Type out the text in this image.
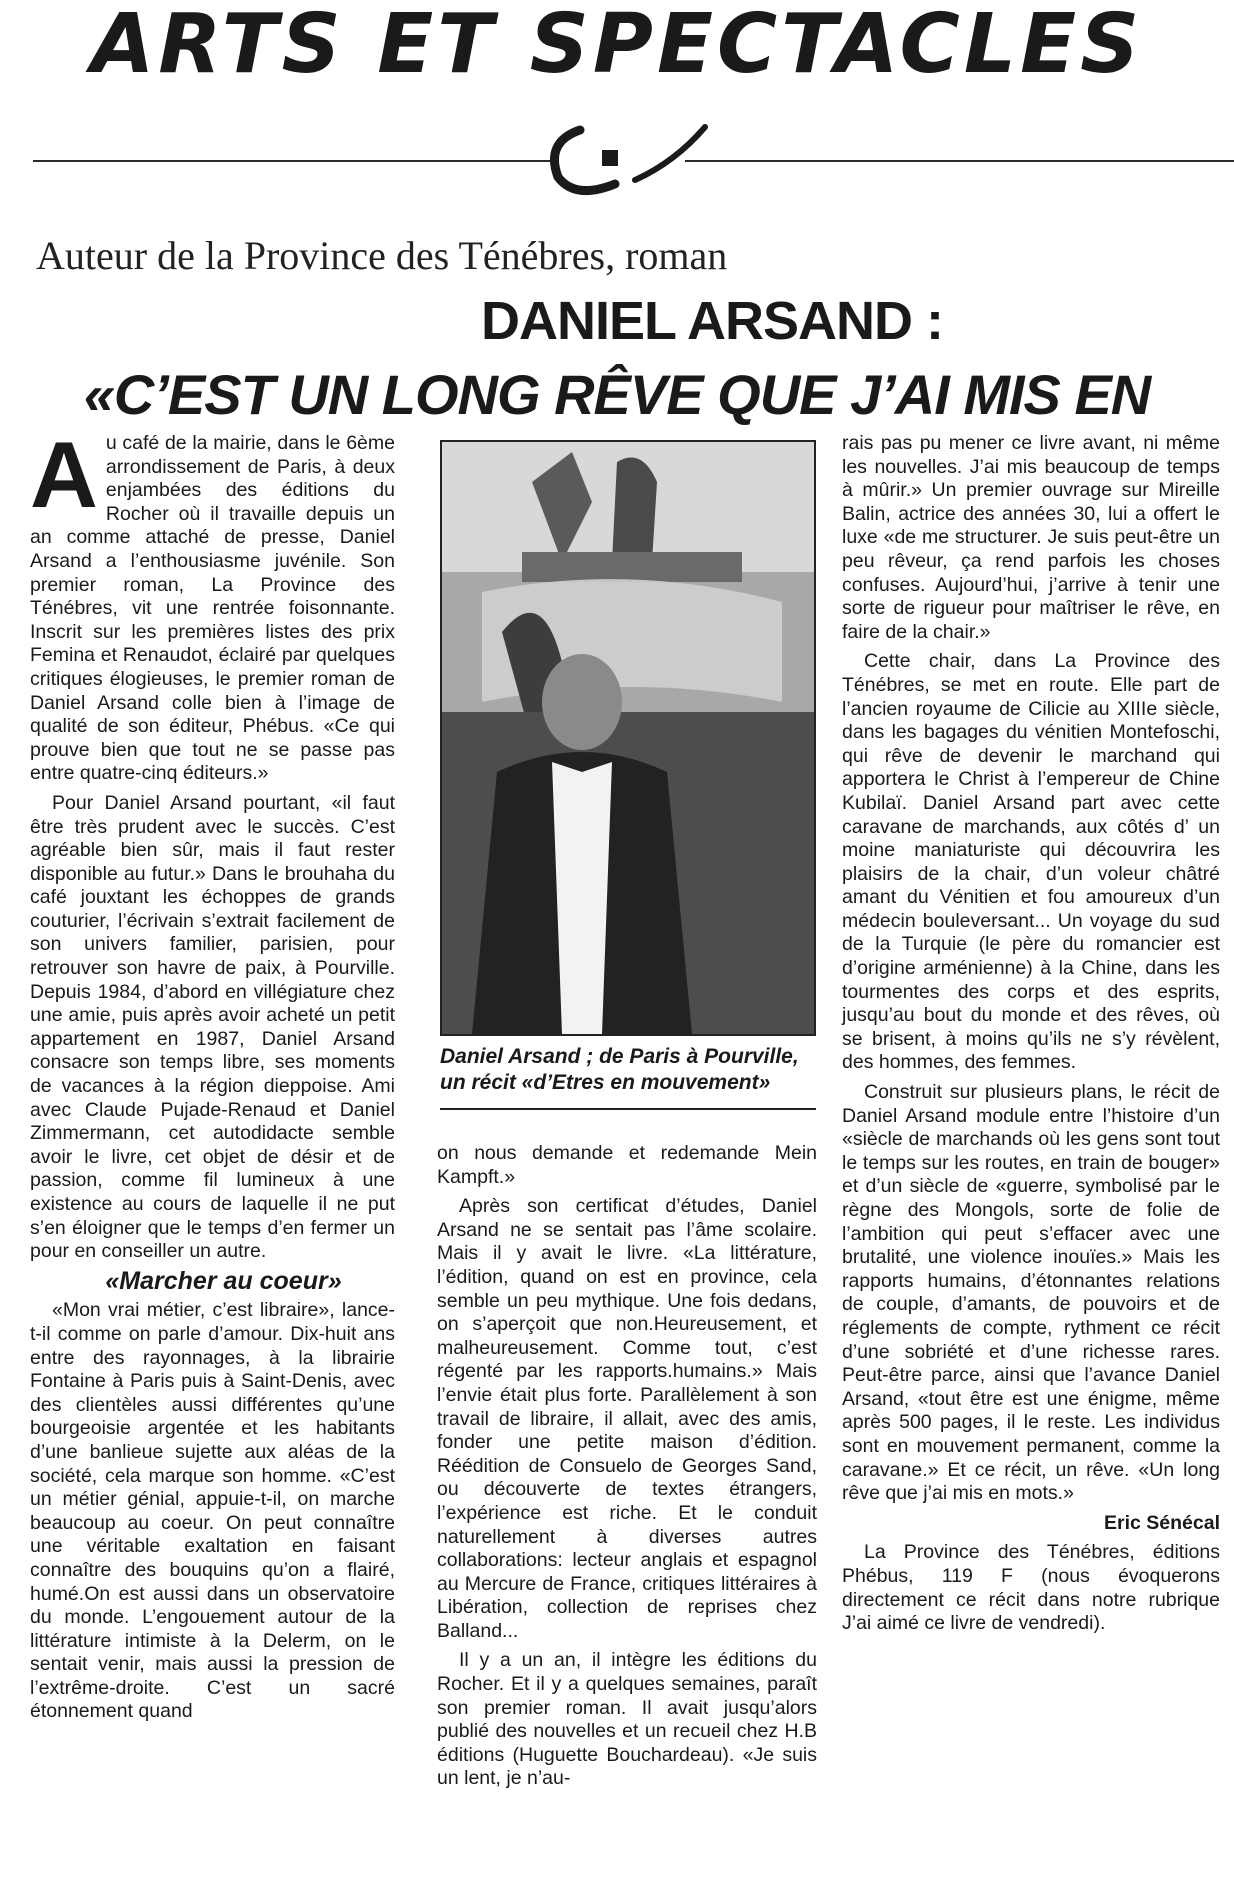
ARTS ET SPECTACLES
Auteur de la Province des Ténébres, roman
DANIEL ARSAND :
«C’EST UN LONG RÊVE QUE J’AI MIS EN

Au café de la mairie, dans le 6ème arrondissement de Paris, à deux enjambées des éditions du Rocher où il travaille depuis un an comme attaché de presse, Daniel Arsand a l’enthousiasme juvénile. Son premier roman, La Province des Ténébres, vit une rentrée foisonnante. Inscrit sur les premières listes des prix Femina et Renaudot, éclairé par quelques critiques élogieuses, le premier roman de Daniel Arsand colle bien à l’image de qualité de son éditeur, Phébus. «Ce qui prouve bien que tout ne se passe pas entre quatre-cinq éditeurs.»

Pour Daniel Arsand pourtant, «il faut être très prudent avec le succès. C’est agréable bien sûr, mais il faut rester disponible au futur.» Dans le brouhaha du café jouxtant les échoppes de grands couturier, l’écrivain s’extrait facilement de son univers familier, parisien, pour retrouver son havre de paix, à Pourville. Depuis 1984, d’abord en villégiature chez une amie, puis après avoir acheté un petit appartement en 1987, Daniel Arsand consacre son temps libre, ses moments de vacances à la région dieppoise. Ami avec Claude Pujade-Renaud et Daniel Zimmermann, cet autodidacte semble avoir le livre, cet objet de désir et de passion, comme fil lumineux à une existence au cours de laquelle il ne put s’en éloigner que le temps d’en fermer un pour en conseiller un autre.

«Marcher au coeur»

«Mon vrai métier, c’est libraire», lance-t-il comme on parle d’amour. Dix-huit ans entre des rayonnages, à la librairie Fontaine à Paris puis à Saint-Denis, avec des clientèles aussi différentes qu’une bourgeoisie argentée et les habitants d’une banlieue sujette aux aléas de la société, cela marque son homme. «C’est un métier génial, appuie-t-il, on marche beaucoup au coeur. On peut connaître une véritable exaltation en faisant connaître des bouquins qu’on a flairé, humé.On est aussi dans un observatoire du monde. L’engouement autour de la littérature intimiste à la Delerm, on le sentait venir, mais aussi la pression de l’extrême-droite. C’est un sacré étonnement quand

Daniel Arsand ; de Paris à Pourville, un récit «d’Etres en mouvement»

on nous demande et redemande Mein Kampft.»

Après son certificat d’études, Daniel Arsand ne se sentait pas l’âme scolaire. Mais il y avait le livre. «La littérature, l’édition, quand on est en province, cela semble un peu mythique. Une fois dedans, on s’aperçoit que non.Heureusement, et malheureusement. Comme tout, c’est régenté par les rapports.humains.» Mais l’envie était plus forte. Parallèlement à son travail de libraire, il allait, avec des amis, fonder une petite maison d’édition. Réédition de Consuelo de Georges Sand, ou découverte de textes étrangers, l’expérience est riche. Et le conduit naturellement à diverses autres collaborations: lecteur anglais et espagnol au Mercure de France, critiques littéraires à Libération, collection de reprises chez Balland...

Il y a un an, il intègre les éditions du Rocher. Et il y a quelques semaines, paraît son premier roman. Il avait jusqu’alors publié des nouvelles et un recueil chez H.B éditions (Huguette Bouchardeau). «Je suis un lent, je n’au-

rais pas pu mener ce livre avant, ni même les nouvelles. J’ai mis beaucoup de temps à mûrir.» Un premier ouvrage sur Mireille Balin, actrice des années 30, lui a offert le luxe «de me structurer. Je suis peut-être un peu rêveur, ça rend parfois les choses confuses. Aujourd’hui, j’arrive à tenir une sorte de rigueur pour maîtriser le rêve, en faire de la chair.»

Cette chair, dans La Province des Ténébres, se met en route. Elle part de l’ancien royaume de Cilicie au XIIIe siècle, dans les bagages du vénitien Montefoschi, qui rêve de devenir le marchand qui apportera le Christ à l’empereur de Chine Kubilaï. Daniel Arsand part avec cette caravane de marchands, aux côtés d’ un moine maniaturiste qui découvrira les plaisirs de la chair, d’un voleur châtré amant du Vénitien et fou amoureux d’un médecin bouleversant... Un voyage du sud de la Turquie (le père du romancier est d’origine arménienne) à la Chine, dans les tourmentes des corps et des esprits, jusqu’au bout du monde et des rêves, où se brisent, à moins qu’ils ne s’y révèlent, des hommes, des femmes.

Construit sur plusieurs plans, le récit de Daniel Arsand module entre l’histoire d’un «siècle de marchands où les gens sont tout le temps sur les routes, en train de bouger» et d’un siècle de «guerre, symbolisé par le règne des Mongols, sorte de folie de l’ambition qui peut s’effacer avec une brutalité, une violence inouïes.» Mais les rapports humains, d’étonnantes relations de couple, d’amants, de pouvoirs et de réglements de compte, rythment ce récit d’une sobriété et d’une richesse rares. Peut-être parce, ainsi que l’avance Daniel Arsand, «tout être est une énigme, même après 500 pages, il le reste. Les individus sont en mouvement permanent, comme la caravane.» Et ce récit, un rêve. «Un long rêve que j’ai mis en mots.»

Eric Sénécal

La Province des Ténébres, éditions Phébus, 119 F (nous évoquerons directement ce récit dans notre rubrique J’ai aimé ce livre de vendredi).
